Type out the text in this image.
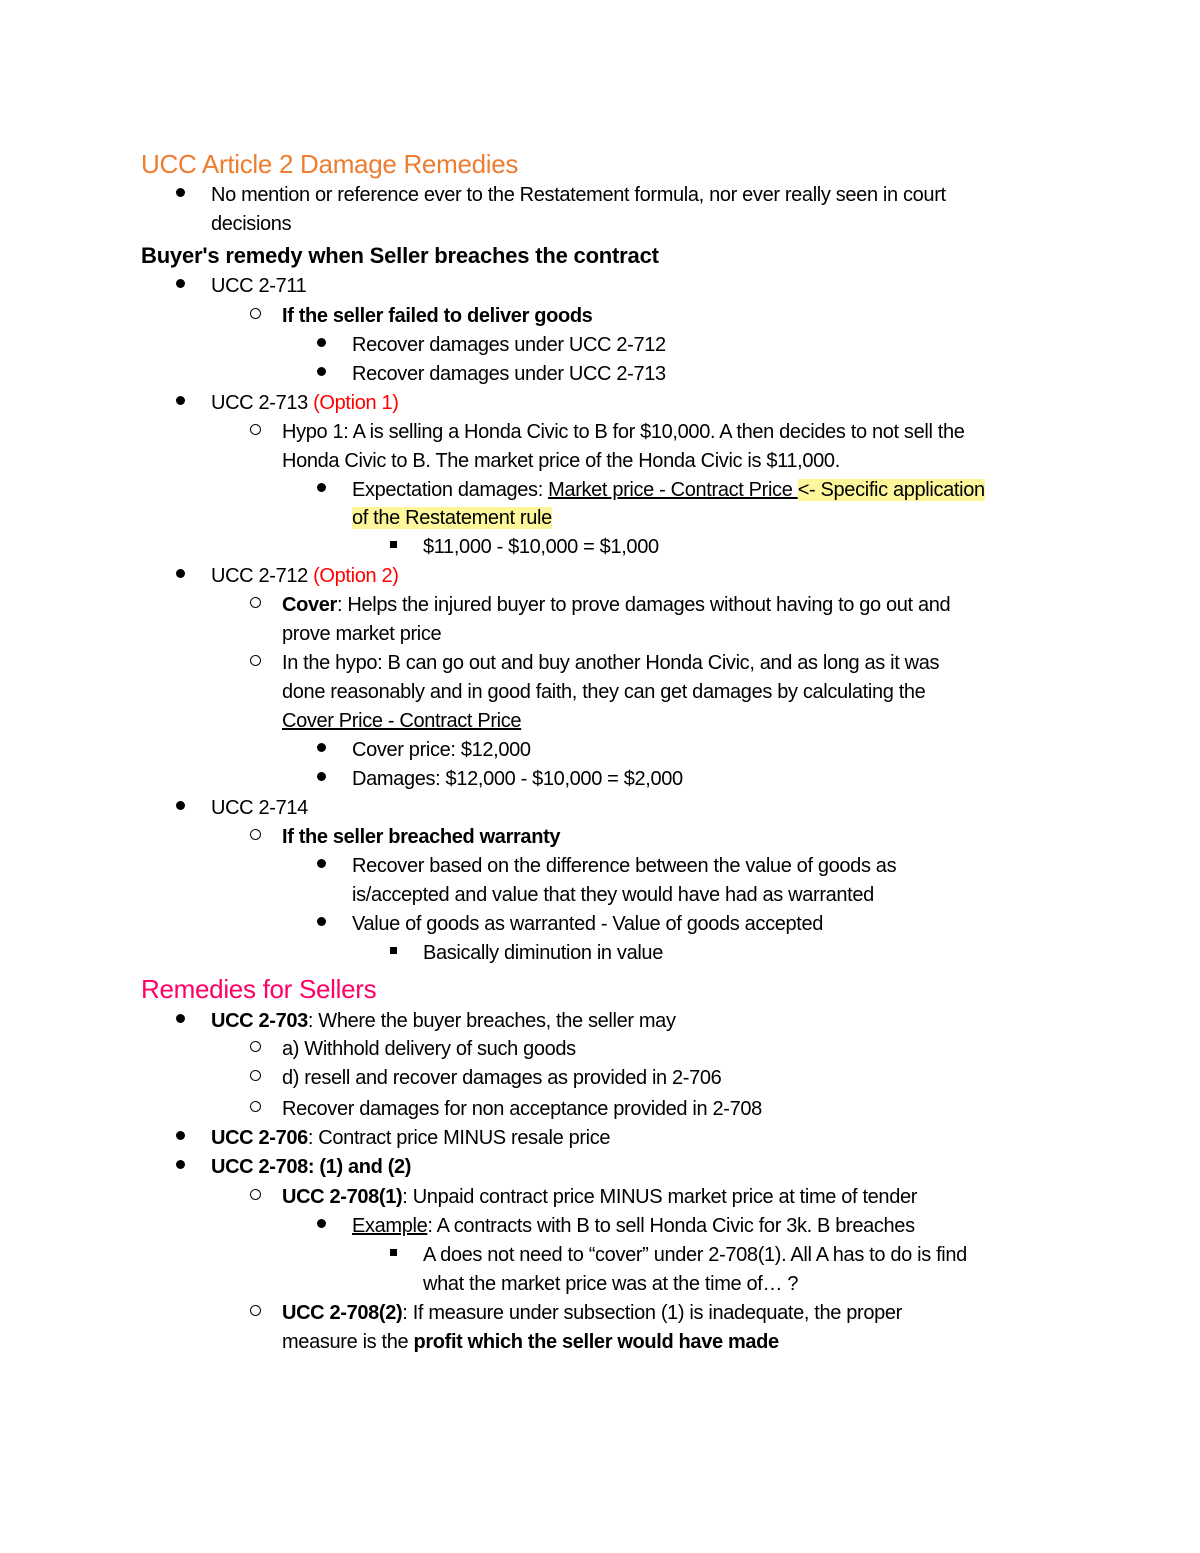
UCC Article 2 Damage Remedies
No mention or reference ever to the Restatement formula, nor ever really seen in court
decisions
Buyer's remedy when Seller breaches the contract
UCC 2-711
If the seller failed to deliver goods
Recover damages under UCC 2-712
Recover damages under UCC 2-713
UCC 2-713 (Option 1)
Hypo 1: A is selling a Honda Civic to B for $10,000. A then decides to not sell the
Honda Civic to B. The market price of the Honda Civic is $11,000.
Expectation damages: Market price - Contract Price <- Specific application
of the Restatement rule
$11,000 - $10,000 = $1,000
UCC 2-712 (Option 2)
Cover: Helps the injured buyer to prove damages without having to go out and
prove market price
In the hypo: B can go out and buy another Honda Civic, and as long as it was
done reasonably and in good faith, they can get damages by calculating the
Cover Price - Contract Price
Cover price: $12,000
Damages: $12,000 - $10,000 = $2,000
UCC 2-714
If the seller breached warranty
Recover based on the difference between the value of goods as
is/accepted and value that they would have had as warranted
Value of goods as warranted - Value of goods accepted
Basically diminution in value
Remedies for Sellers
UCC 2-703: Where the buyer breaches, the seller may
a) Withhold delivery of such goods
d) resell and recover damages as provided in 2-706
Recover damages for non acceptance provided in 2-708
UCC 2-706: Contract price MINUS resale price
UCC 2-708: (1) and (2)
UCC 2-708(1): Unpaid contract price MINUS market price at time of tender
Example: A contracts with B to sell Honda Civic for 3k. B breaches
A does not need to “cover” under 2-708(1). All A has to do is find
what the market price was at the time of… ?
UCC 2-708(2): If measure under subsection (1) is inadequate, the proper
measure is the profit which the seller would have made
